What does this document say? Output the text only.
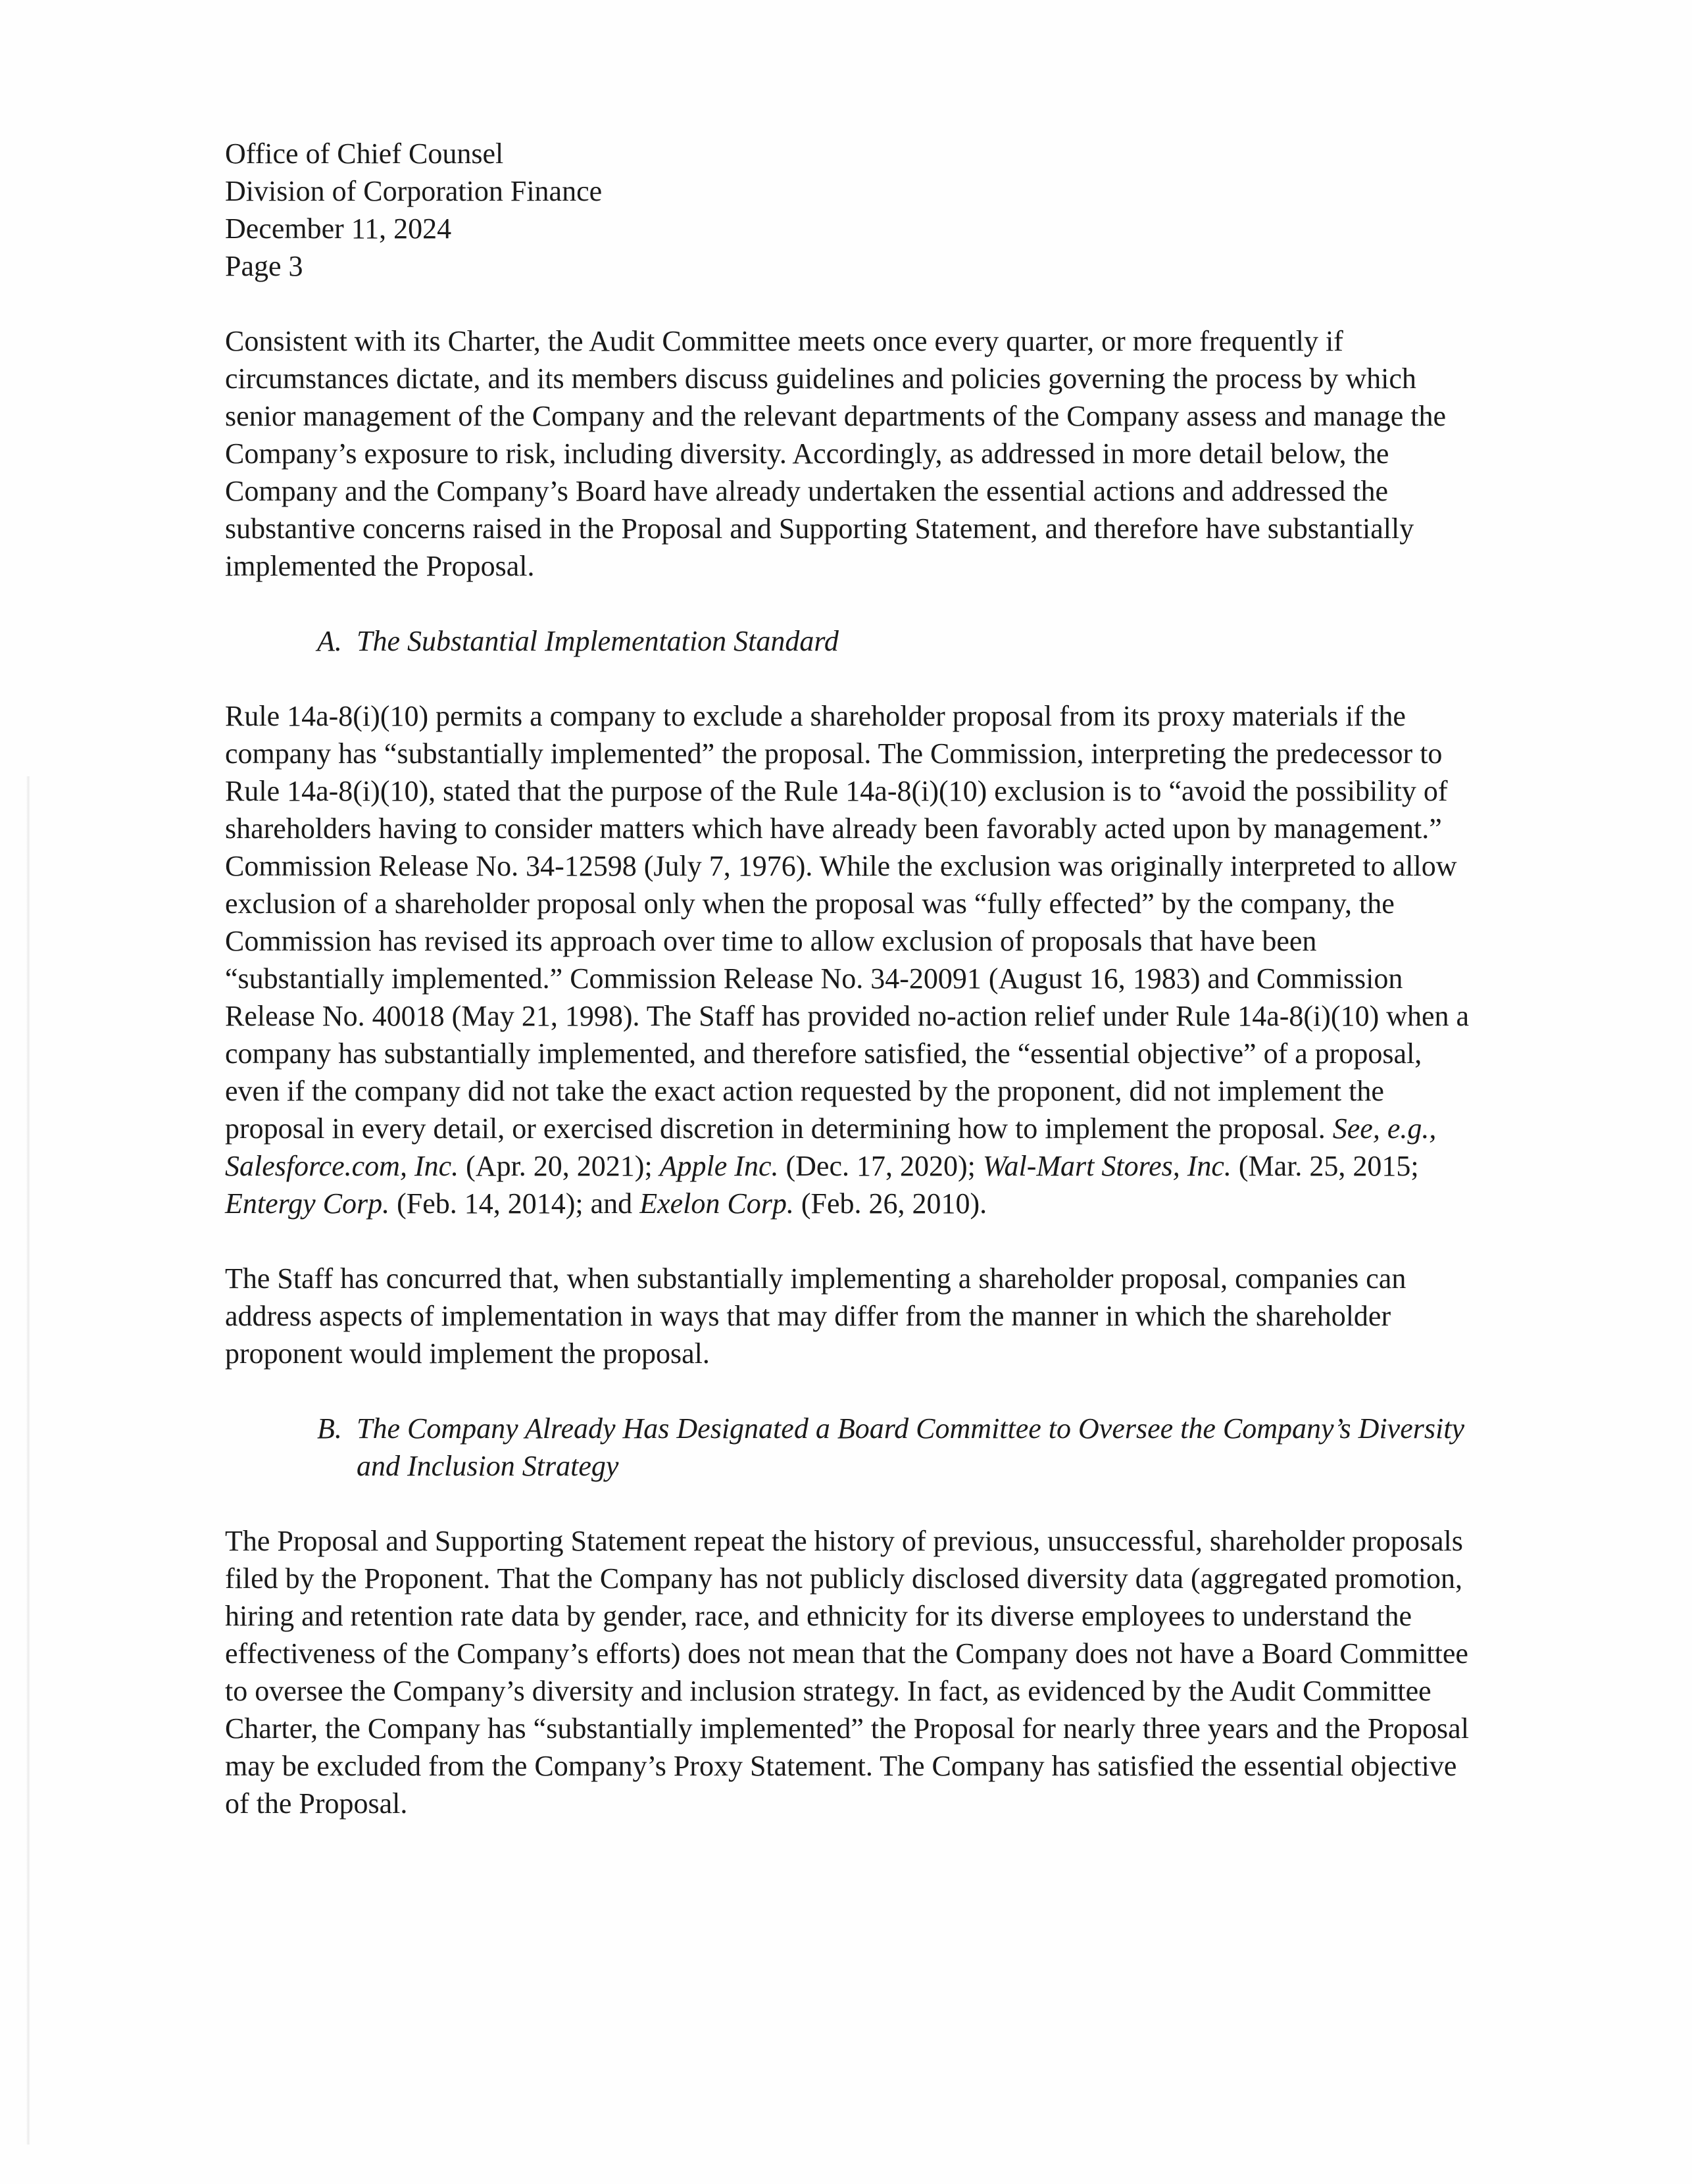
Office of Chief Counsel
Division of Corporation Finance
December 11, 2024
Page 3

Consistent with its Charter, the Audit Committee meets once every quarter, or more frequently if circumstances dictate, and its members discuss guidelines and policies governing the process by which senior management of the Company and the relevant departments of the Company assess and manage the Company’s exposure to risk, including diversity. Accordingly, as addressed in more detail below, the Company and the Company’s Board have already undertaken the essential actions and addressed the substantive concerns raised in the Proposal and Supporting Statement, and therefore have substantially implemented the Proposal.

A. The Substantial Implementation Standard

Rule 14a-8(i)(10) permits a company to exclude a shareholder proposal from its proxy materials if the company has “substantially implemented” the proposal. The Commission, interpreting the predecessor to Rule 14a-8(i)(10), stated that the purpose of the Rule 14a-8(i)(10) exclusion is to “avoid the possibility of shareholders having to consider matters which have already been favorably acted upon by management.” Commission Release No. 34-12598 (July 7, 1976). While the exclusion was originally interpreted to allow exclusion of a shareholder proposal only when the proposal was “fully effected” by the company, the Commission has revised its approach over time to allow exclusion of proposals that have been “substantially implemented.” Commission Release No. 34-20091 (August 16, 1983) and Commission Release No. 40018 (May 21, 1998). The Staff has provided no-action relief under Rule 14a-8(i)(10) when a company has substantially implemented, and therefore satisfied, the “essential objective” of a proposal, even if the company did not take the exact action requested by the proponent, did not implement the proposal in every detail, or exercised discretion in determining how to implement the proposal. See, e.g., Salesforce.com, Inc. (Apr. 20, 2021); Apple Inc. (Dec. 17, 2020); Wal-Mart Stores, Inc. (Mar. 25, 2015; Entergy Corp. (Feb. 14, 2014); and Exelon Corp. (Feb. 26, 2010).

The Staff has concurred that, when substantially implementing a shareholder proposal, companies can address aspects of implementation in ways that may differ from the manner in which the shareholder proponent would implement the proposal.

B. The Company Already Has Designated a Board Committee to Oversee the Company’s Diversity and Inclusion Strategy

The Proposal and Supporting Statement repeat the history of previous, unsuccessful, shareholder proposals filed by the Proponent. That the Company has not publicly disclosed diversity data (aggregated promotion, hiring and retention rate data by gender, race, and ethnicity for its diverse employees to understand the effectiveness of the Company’s efforts) does not mean that the Company does not have a Board Committee to oversee the Company’s diversity and inclusion strategy. In fact, as evidenced by the Audit Committee Charter, the Company has “substantially implemented” the Proposal for nearly three years and the Proposal may be excluded from the Company’s Proxy Statement. The Company has satisfied the essential objective of the Proposal.
